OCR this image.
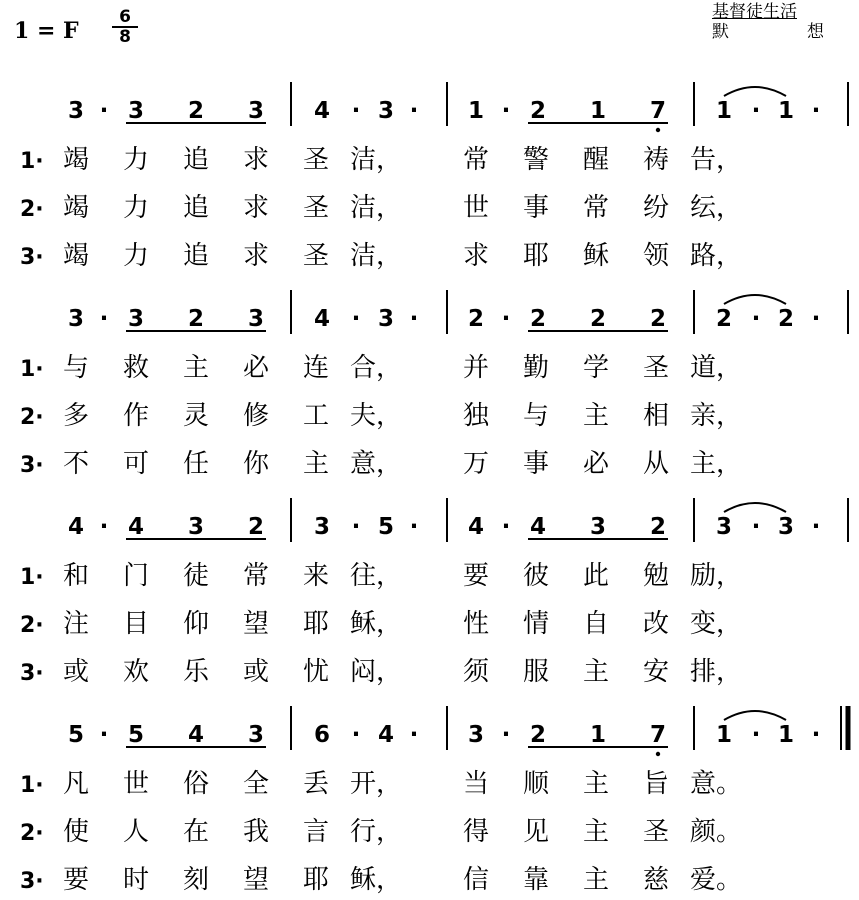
1 = F $\frac{6}{8}$	基督徒生活
默想
3 · 3 2 3 4 · 3 · 1 · 2 1 7 1 · 1 ·
1· 竭 力 追 求 圣 洁， 常 警 醒 祷 告，
2· 竭 力 追 求 圣 洁， 世 事 常 纷 纭，
3· 竭 力 追 求 圣 洁， 求 耶 稣 领 路，
3 · 3 2 3 4 · 3 · 2 · 2 2 2 2 · 2 ·
1· 与 救 主 必 连 合， 并 勤 学 圣 道，
2· 多 作 灵 修 工 夫， 独 与 主 相 亲，
3· 不 可 任 你 主 意， 万 事 必 从 主，
4 · 4 3 2 3 · 5 · 4 · 4 3 2 3 · 3 ·
1· 和 门 徒 常 来 往， 要 彼 此 勉 励，
2· 注 目 仰 望 耶 稣， 性 情 自 改 变，
3· 或 欢 乐 或 忧 闷， 须 服 主 安 排，
5 · 5 4 3 6 · 4 · 3 · 2 1 7 1 · 1 ·
1· 凡 世 俗 全 丢 开， 当 顺 主 旨 意。
2· 使 人 在 我 言 行， 得 见 主 圣 颜。
3· 要 时 刻 望 耶 稣， 信 靠 主 慈 爱。
